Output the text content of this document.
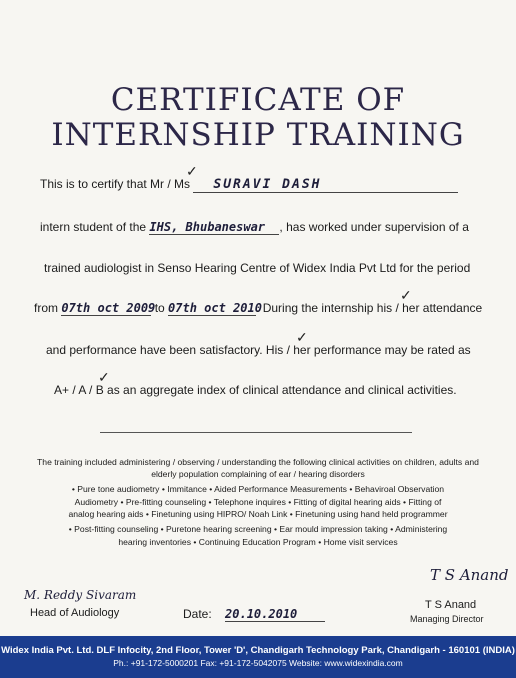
CERTIFICATE OF
INTERNSHIP TRAINING
This is to certify that Mr / Ms SURAVI DASH
✓
intern student of the IHS, Bhubaneswar , has worked under supervision of a
trained audiologist in Senso Hearing Centre of Widex India Pvt Ltd for the period
from 07th oct 2009 to 07th oct 2010. During the internship his / her attendance
✓
and performance have been satisfactory. His / her performance may be rated as
✓
A+ / A / B as an aggregate index of clinical attendance and clinical activities.
✓
The training included administering / observing / understanding the following clinical activities on children, adults and elderly population complaining of ear / hearing disorders
• Pure tone audiometry • Immitance • Aided Performance Measurements • Behaviroal Observation
Audiometry • Pre-fitting counseling • Telephone inquires • Fitting of digital hearing aids • Fitting of
analog hearing aids • Finetuning using HIPRO/ Noah Link • Finetuning using hand held programmer
• Post-fitting counseling • Puretone hearing screening • Ear mould impression taking • Administering
hearing inventories • Continuing Education Program • Home visit services
M. Reddy Sivaram
Head of Audiology	Date: 20.10.2010
T S Anand
T S Anand
Managing Director
Widex India Pvt. Ltd. DLF Infocity, 2nd Floor, Tower 'D', Chandigarh Technology Park, Chandigarh - 160101 (INDIA)
Ph.: +91-172-5000201 Fax: +91-172-5042075 Website: www.widexindia.com
